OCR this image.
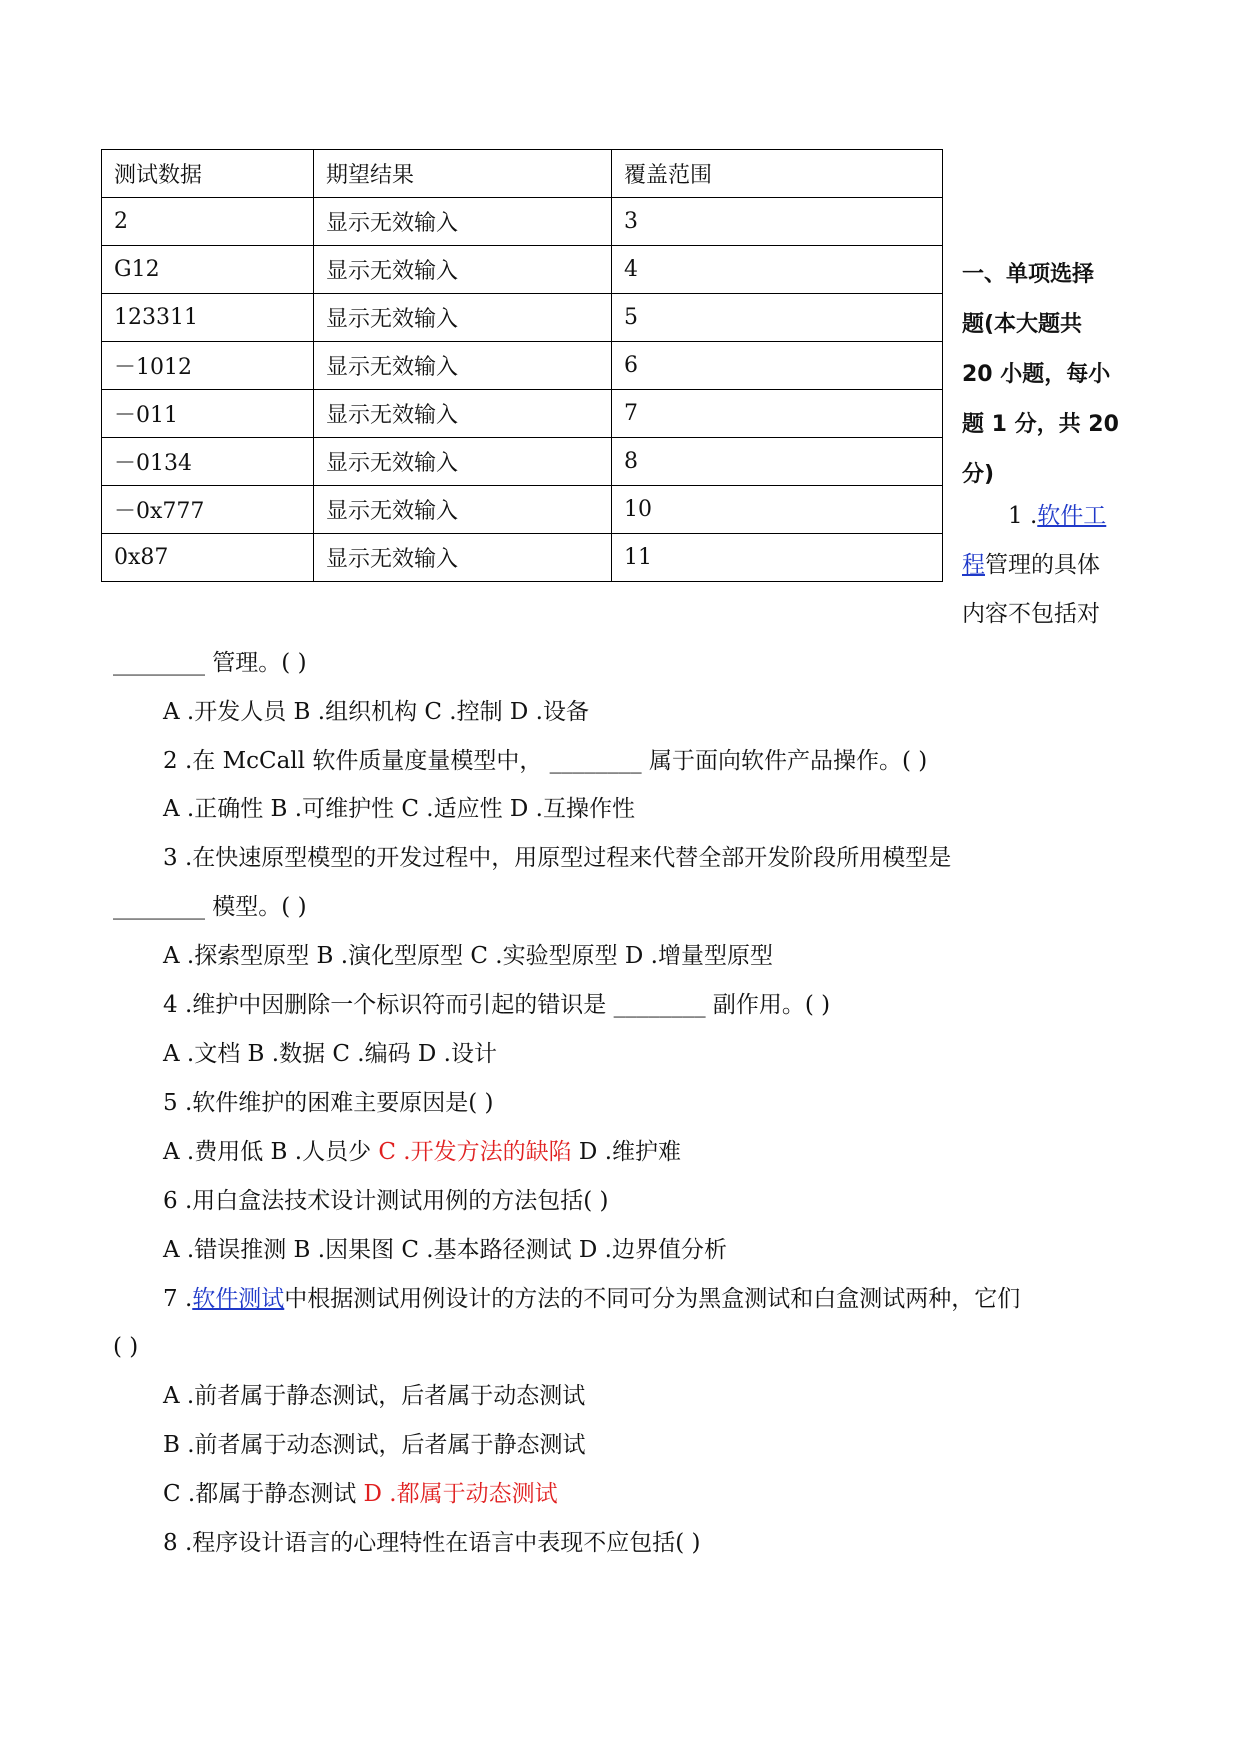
测试数据	期望结果	覆盖范围
2	显示无效输入	3
G12	显示无效输入	4
123311	显示无效输入	5
－1012	显示无效输入	6
－011	显示无效输入	7
－0134	显示无效输入	8
－0x777	显示无效输入	10
0x87	显示无效输入	11
一、单项选择
题(本大题共
20 小题，每小
题 1 分，共 20
分)
1 .软件工
程管理的具体
内容不包括对
________ 管理。( )
A .开发人员 B .组织机构 C .控制 D .设备
2 .在 McCall 软件质量度量模型中， ________ 属于面向软件产品操作。( )
A .正确性 B .可维护性 C .适应性 D .互操作性
3 .在快速原型模型的开发过程中，用原型过程来代替全部开发阶段所用模型是
________ 模型。( )
A .探索型原型 B .演化型原型 C .实验型原型 D .增量型原型
4 .维护中因删除一个标识符而引起的错识是 ________ 副作用。( )
A .文档 B .数据 C .编码 D .设计
5 .软件维护的困难主要原因是( )
A .费用低 B .人员少 C .开发方法的缺陷 D .维护难
6 .用白盒法技术设计测试用例的方法包括( )
A .错误推测 B .因果图 C .基本路径测试 D .边界值分析
7 .软件测试中根据测试用例设计的方法的不同可分为黑盒测试和白盒测试两种，它们
( )
A .前者属于静态测试，后者属于动态测试
B .前者属于动态测试，后者属于静态测试
C .都属于静态测试 D .都属于动态测试
8 .程序设计语言的心理特性在语言中表现不应包括( )
